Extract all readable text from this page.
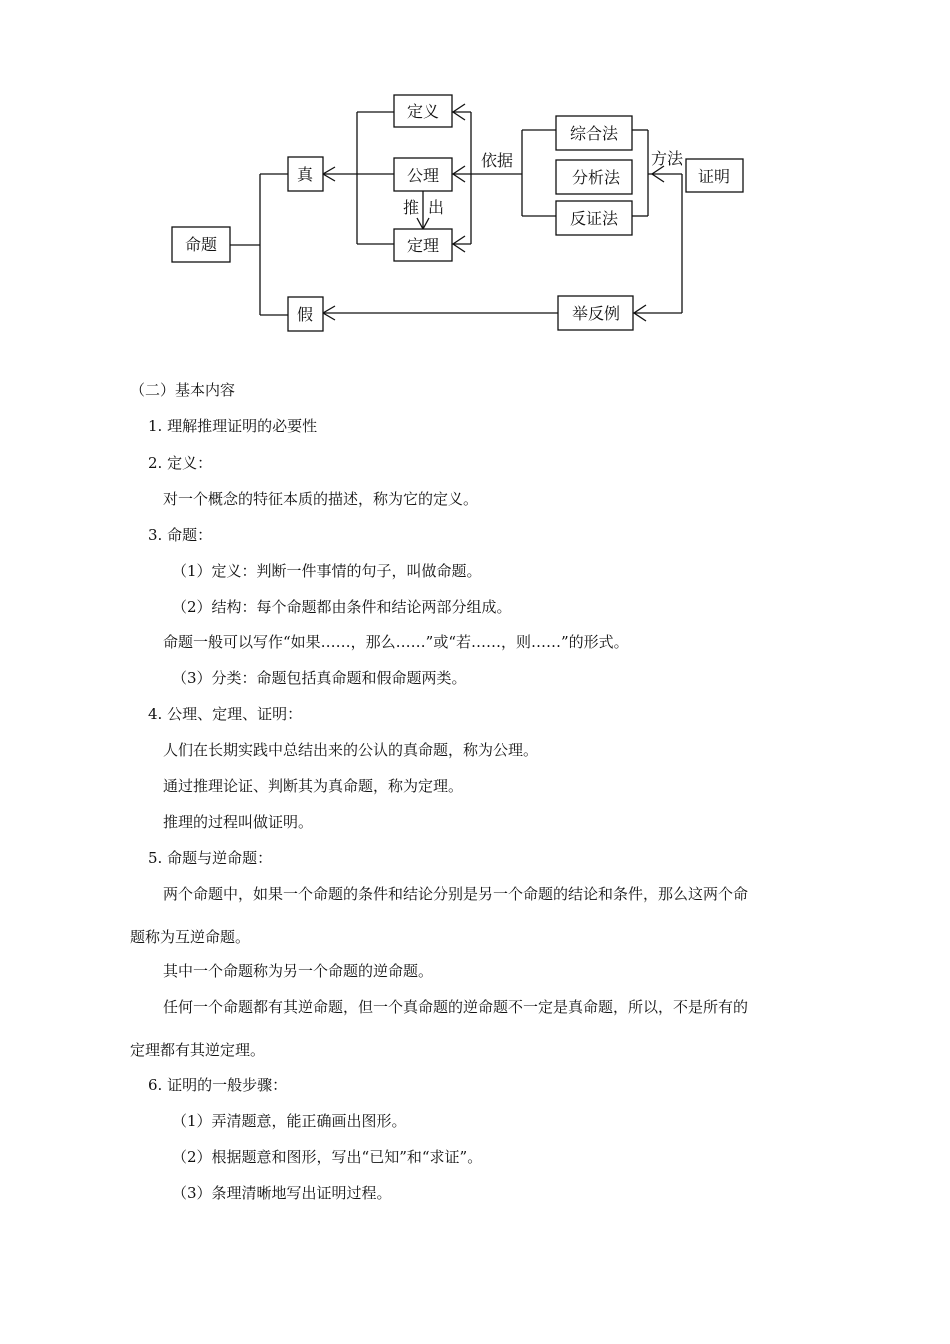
命题
真
假
定义
公理
定理
综合法
分析法
反证法
证明
举反例
推 出
依据	方法
（二）基本内容
1. 理解推理证明的必要性
2. 定义：
对一个概念的特征本质的描述，称为它的定义。
3. 命题：
（1）定义：判断一件事情的句子，叫做命题。
（2）结构：每个命题都由条件和结论两部分组成。
命题一般可以写作“如果……，那么……”或“若……，则……”的形式。
（3）分类：命题包括真命题和假命题两类。
4. 公理、定理、证明：
人们在长期实践中总结出来的公认的真命题，称为公理。
通过推理论证、判断其为真命题，称为定理。
推理的过程叫做证明。
5. 命题与逆命题：
两个命题中，如果一个命题的条件和结论分别是另一个命题的结论和条件，那么这两个命
题称为互逆命题。
其中一个命题称为另一个命题的逆命题。
任何一个命题都有其逆命题，但一个真命题的逆命题不一定是真命题，所以，不是所有的
定理都有其逆定理。
6. 证明的一般步骤：
（1）弄清题意，能正确画出图形。
（2）根据题意和图形，写出“已知”和“求证”。
（3）条理清晰地写出证明过程。
